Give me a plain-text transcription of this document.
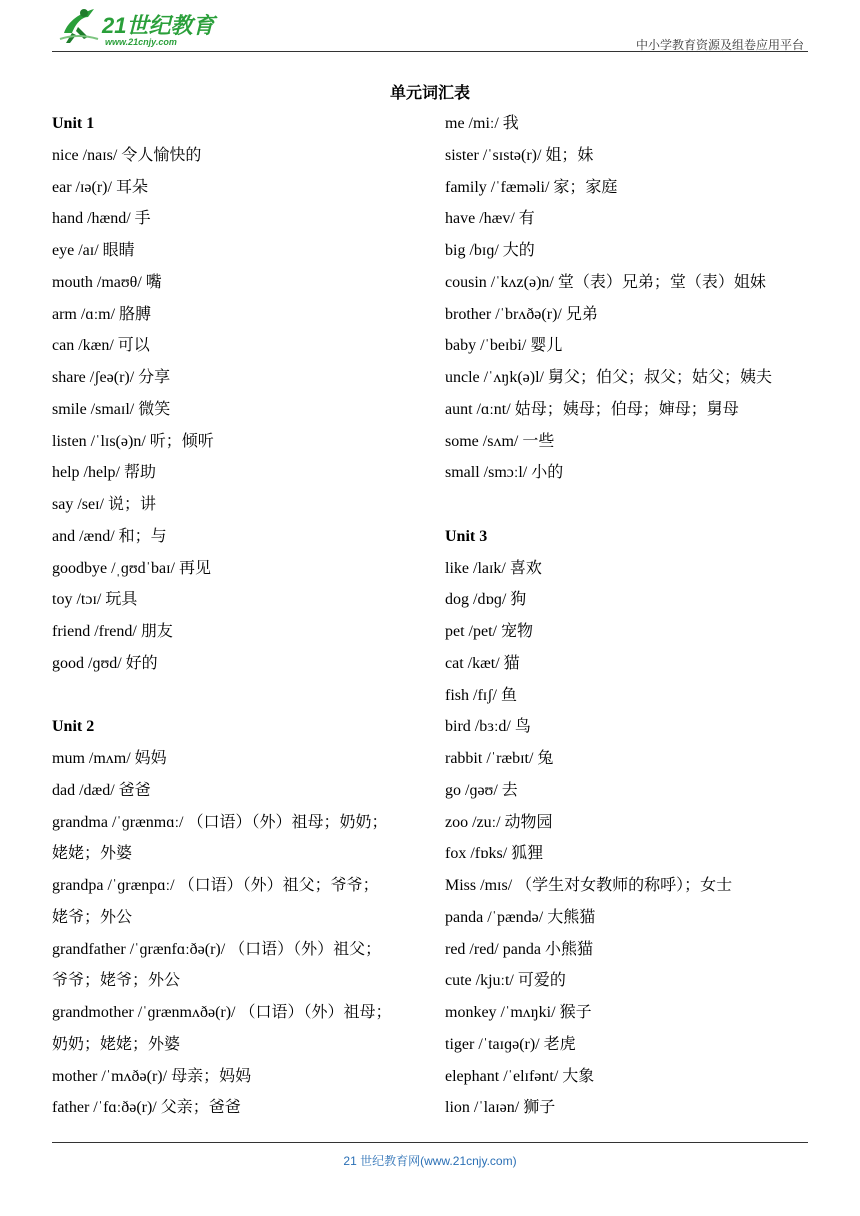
21世纪教育
www.21cnjy.com	中小学教育资源及组卷应用平台
单元词汇表
Unit 1
nice /naɪs/ 令人愉快的
ear /ɪə(r)/ 耳朵
hand /hænd/ 手
eye /aɪ/ 眼睛
mouth /maʊθ/ 嘴
arm /ɑːm/ 胳膊
can /kæn/ 可以
share /ʃeə(r)/ 分享
smile /smaɪl/ 微笑
listen /ˈlɪs(ə)n/ 听；倾听
help /help/ 帮助
say /seɪ/ 说；讲
and /ænd/ 和；与
goodbye /ˌɡʊdˈbaɪ/ 再见
toy /tɔɪ/ 玩具
friend /frend/ 朋友
good /ɡʊd/ 好的
Unit 2
mum /mʌm/ 妈妈
dad /dæd/ 爸爸
grandma /ˈɡrænmɑː/ （口语）（外）祖母；奶奶；
姥姥；外婆
grandpa /ˈɡrænpɑː/ （口语）（外）祖父；爷爷；
姥爷；外公
grandfather /ˈɡrænfɑːðə(r)/ （口语）（外）祖父；
爷爷；姥爷；外公
grandmother /ˈɡrænmʌðə(r)/ （口语）（外）祖母；
奶奶；姥姥；外婆
mother /ˈmʌðə(r)/ 母亲；妈妈
father /ˈfɑːðə(r)/ 父亲；爸爸
me /miː/ 我
sister /ˈsɪstə(r)/ 姐；妹
family /ˈfæməli/ 家；家庭
have /hæv/ 有
big /bɪɡ/ 大的
cousin /ˈkʌz(ə)n/ 堂（表）兄弟；堂（表）姐妹
brother /ˈbrʌðə(r)/ 兄弟
baby /ˈbeɪbi/ 婴儿
uncle /ˈʌŋk(ə)l/ 舅父；伯父；叔父；姑父；姨夫
aunt /ɑːnt/ 姑母；姨母；伯母；婶母；舅母
some /sʌm/ 一些
small /smɔːl/ 小的
Unit 3
like /laɪk/ 喜欢
dog /dɒɡ/ 狗
pet /pet/ 宠物
cat /kæt/ 猫
fish /fɪʃ/ 鱼
bird /bɜːd/ 鸟
rabbit /ˈræbɪt/ 兔
go /ɡəʊ/ 去
zoo /zuː/ 动物园
fox /fɒks/ 狐狸
Miss /mɪs/ （学生对女教师的称呼）；女士
panda /ˈpændə/ 大熊猫
red /red/ panda 小熊猫
cute /kjuːt/ 可爱的
monkey /ˈmʌŋki/ 猴子
tiger /ˈtaɪɡə(r)/ 老虎
elephant /ˈelɪfənt/ 大象
lion /ˈlaɪən/ 狮子
21 世纪教育网(www.21cnjy.com)
